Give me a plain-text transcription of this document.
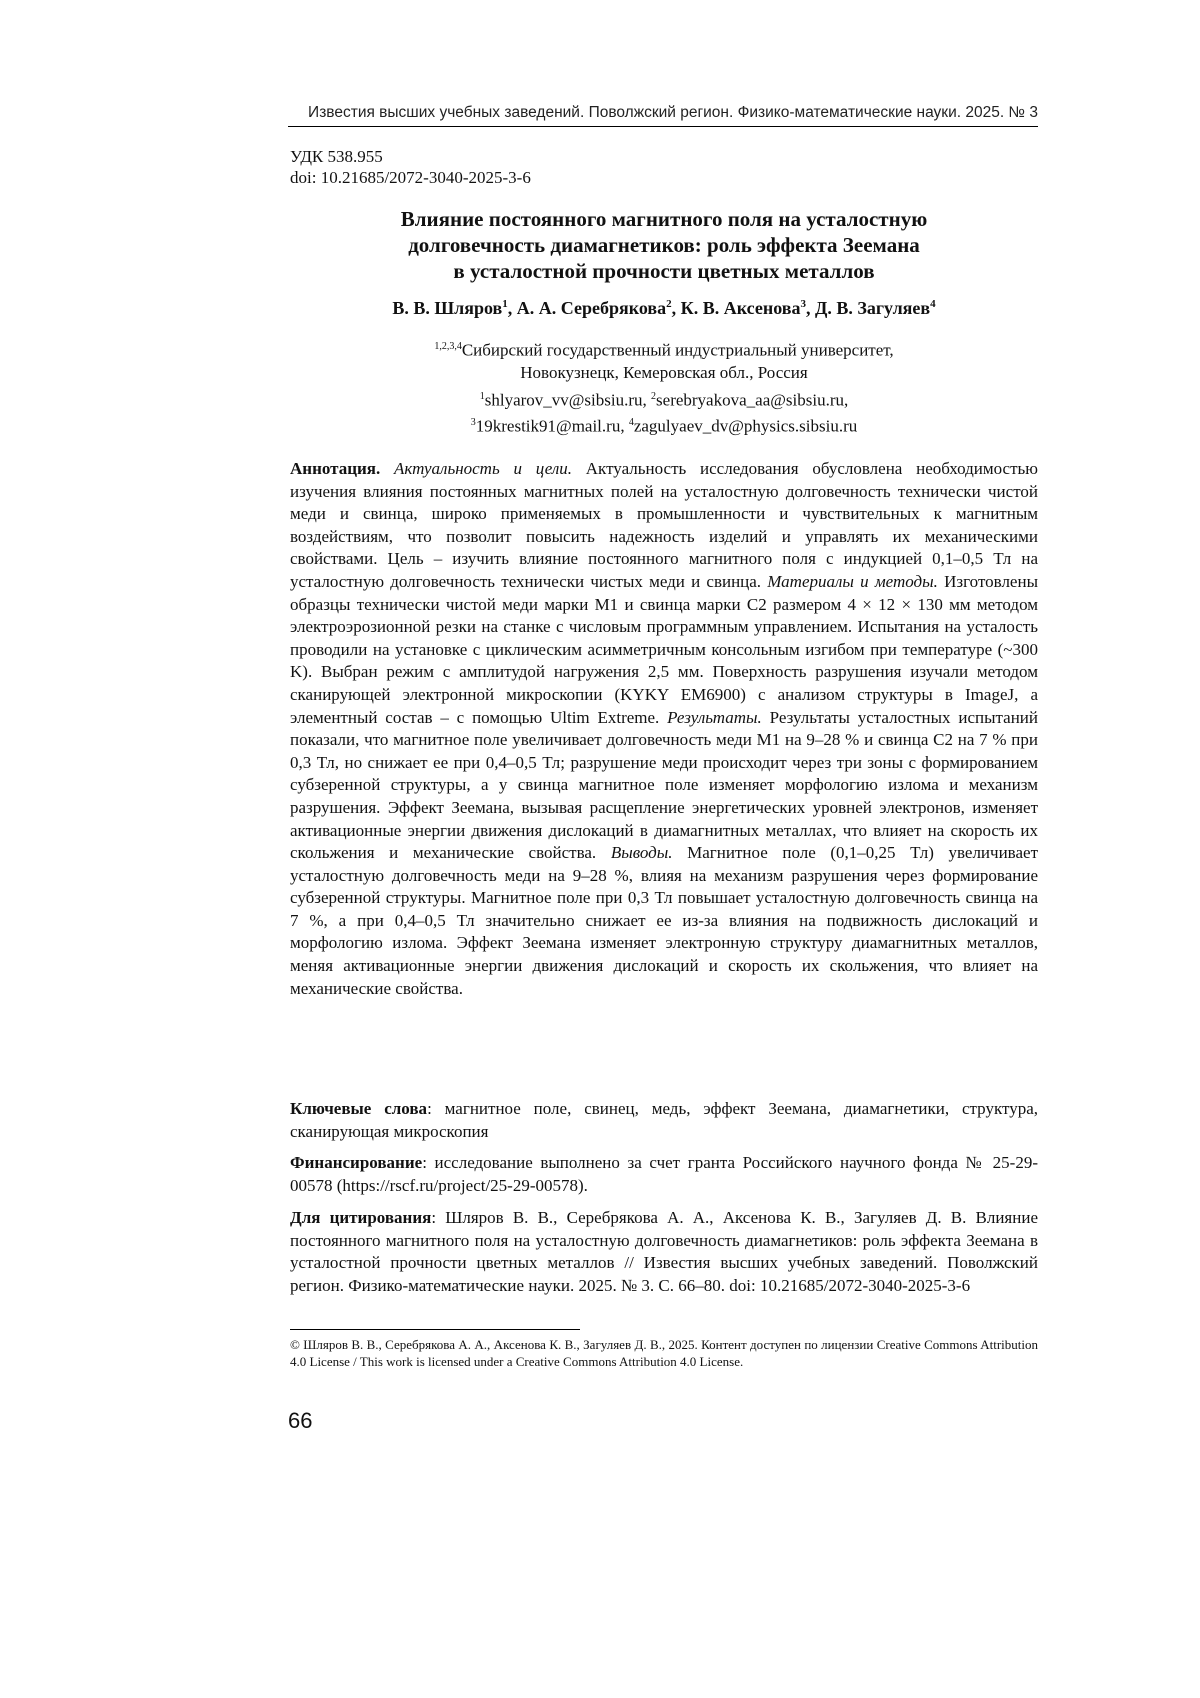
Известия высших учебных заведений. Поволжский регион. Физико-математические науки. 2025. № 3
УДК 538.955
doi: 10.21685/2072-3040-2025-3-6
Влияние постоянного магнитного поля на усталостную
долговечность диамагнетиков: роль эффекта Зеемана
в усталостной прочности цветных металлов
В. В. Шляров$^1$, А. А. Серебрякова$^2$, К. В. Аксенова$^3$, Д. В. Загуляев$^4$
$^{1,2,3,4}$Сибирский государственный индустриальный университет,
Новокузнецк, Кемеровская обл., Россия
$^1$shlyarov_vv@sibsiu.ru, $^2$serebryakova_aa@sibsiu.ru,
$^3$19krestik91@mail.ru, $^4$zagulyaev_dv@physics.sibsiu.ru
Аннотация. Актуальность и цели. Актуальность исследования обусловлена необходимостью изучения влияния постоянных магнитных полей на усталостную долговечность технически чистой меди и свинца, широко применяемых в промышленности и чувствительных к магнитным воздействиям, что позволит повысить надежность изделий и управлять их механическими свойствами. Цель – изучить влияние постоянного магнитного поля с индукцией 0,1–0,5 Тл на усталостную долговечность технически чистых меди и свинца. Материалы и методы. Изготовлены образцы технически чистой меди марки М1 и свинца марки С2 размером 4 × 12 × 130 мм методом электроэрозионной резки на станке с числовым программным управлением. Испытания на усталость проводили на установке с циклическим асимметричным консольным изгибом при температуре (~300 K). Выбран режим с амплитудой нагружения 2,5 мм. Поверхность разрушения изучали методом сканирующей электронной микроскопии (KYKY EM6900) с анализом структуры в ImageJ, а элементный состав – с помощью Ultim Extreme. Результаты. Результаты усталостных испытаний показали, что магнитное поле увеличивает долговечность меди М1 на 9–28 % и свинца С2 на 7 % при 0,3 Тл, но снижает ее при 0,4–0,5 Тл; разрушение меди происходит через три зоны с формированием субзеренной структуры, а у свинца магнитное поле изменяет морфологию излома и механизм разрушения. Эффект Зеемана, вызывая расщепление энергетических уровней электронов, изменяет активационные энергии движения дислокаций в диамагнитных металлах, что влияет на скорость их скольжения и механические свойства. Выводы. Магнитное поле (0,1–0,25 Тл) увеличивает усталостную долговечность меди на 9–28 %, влияя на механизм разрушения через формирование субзеренной структуры. Магнитное поле при 0,3 Тл повышает усталостную долговечность свинца на 7 %, а при 0,4–0,5 Тл значительно снижает ее из-за влияния на подвижность дислокаций и морфологию излома. Эффект Зеемана изменяет электронную структуру диамагнитных металлов, меняя активационные энергии движения дислокаций и скорость их скольжения, что влияет на механические свойства.
Ключевые слова: магнитное поле, свинец, медь, эффект Зеемана, диамагнетики, структура, сканирующая микроскопия
Финансирование: исследование выполнено за счет гранта Российского научного фонда № 25-29-00578 (https://rscf.ru/project/25-29-00578).
Для цитирования: Шляров В. В., Серебрякова А. А., Аксенова К. В., Загуляев Д. В. Влияние постоянного магнитного поля на усталостную долговечность диамагнетиков: роль эффекта Зеемана в усталостной прочности цветных металлов // Известия высших учебных заведений. Поволжский регион. Физико-математические науки. 2025. № 3. С. 66–80. doi: 10.21685/2072-3040-2025-3-6
© Шляров В. В., Серебрякова А. А., Аксенова К. В., Загуляев Д. В., 2025. Контент доступен по лицензии Creative Commons Attribution 4.0 License / This work is licensed under a Creative Commons Attribution 4.0 License.
66
